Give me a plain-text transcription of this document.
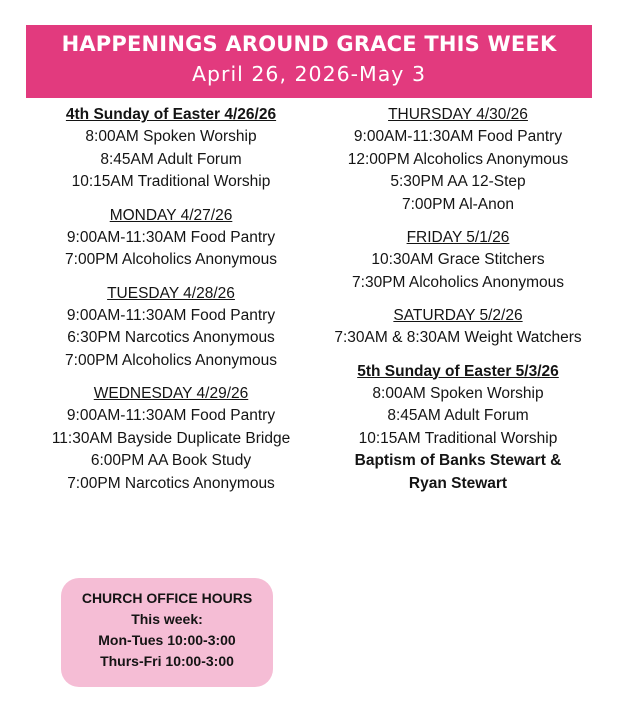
HAPPENINGS AROUND GRACE THIS WEEK
April 26, 2026-May 3
4th Sunday of Easter 4/26/26
8:00AM Spoken Worship
8:45AM Adult Forum
10:15AM Traditional Worship
MONDAY 4/27/26
9:00AM-11:30AM Food Pantry
7:00PM Alcoholics Anonymous
TUESDAY 4/28/26
9:00AM-11:30AM Food Pantry
6:30PM Narcotics Anonymous
7:00PM Alcoholics Anonymous
WEDNESDAY 4/29/26
9:00AM-11:30AM Food Pantry
11:30AM Bayside Duplicate Bridge
6:00PM AA Book Study
7:00PM Narcotics Anonymous
THURSDAY 4/30/26
9:00AM-11:30AM Food Pantry
12:00PM Alcoholics Anonymous
5:30PM AA 12-Step
7:00PM Al-Anon
FRIDAY 5/1/26
10:30AM Grace Stitchers
7:30PM Alcoholics Anonymous
SATURDAY 5/2/26
7:30AM & 8:30AM Weight Watchers
5th Sunday of Easter 5/3/26
8:00AM Spoken Worship
8:45AM Adult Forum
10:15AM Traditional Worship
Baptism of Banks Stewart &
Ryan Stewart
CHURCH OFFICE HOURS
This week:
Mon-Tues 10:00-3:00
Thurs-Fri 10:00-3:00
